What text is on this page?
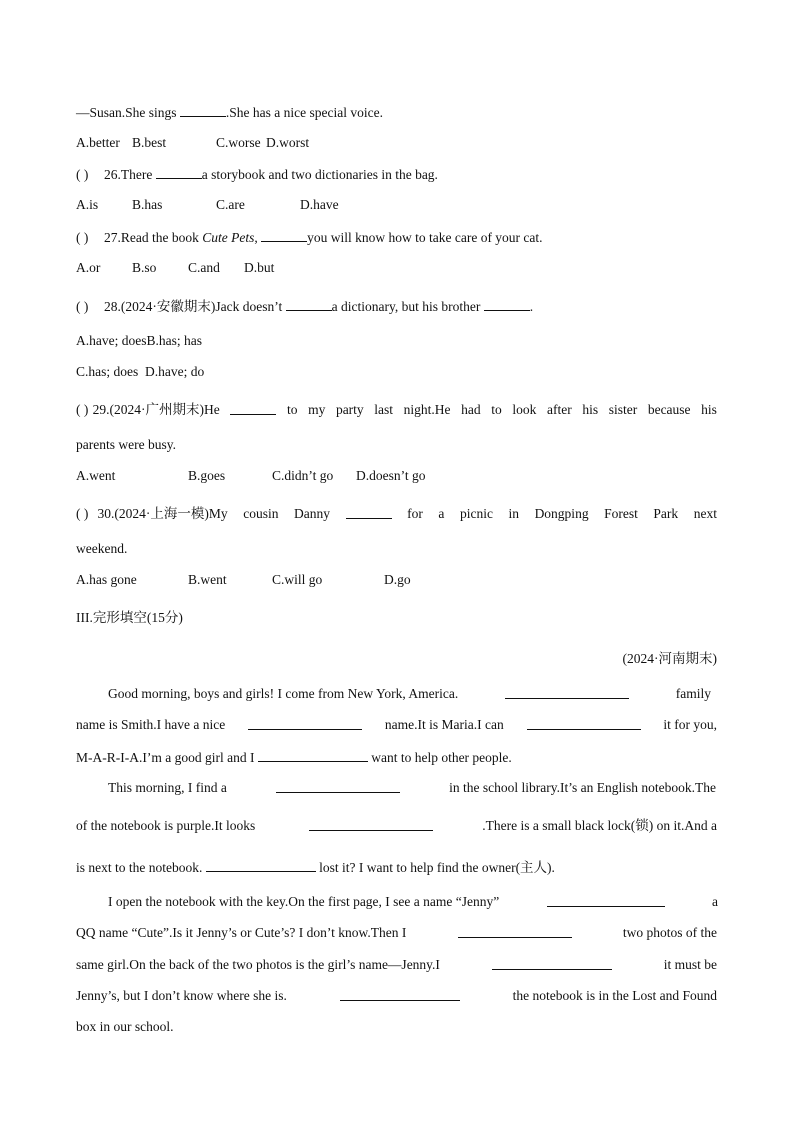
—Susan.She sings	.She has a nice special voice.
A.better B.best	C.worse D.worst
( ) 26.There	a storybook and two dictionaries in the bag.
A.is	B.has	C.are	D.have
( ) 27.Read the book Cute Pets,	you will know how to take care of your cat.
A.or B.so C.and D.but
( ) 28.(2024·安徽期末)Jack doesn’t	a dictionary, but his brother	.
A.have; doesB.has; has
C.has; does D.have; do
( ) 29.(2024·广州期末)He	to my party last night.He had to look after his sister because his
parents were busy.
A.went	B.goes	C.didn’t go D.doesn’t go
( ) 30.(2024·上海一模)My cousin Danny	for a picnic in Dongping Forest Park next
weekend.
A.has gone	B.went	C.will go	D.go
III.完形填空(15分)
(2024·河南期末)
Good morning, boys and girls! I come from New York, America.	family
name is Smith.I have a nice	name.It is Maria.I can	it for you,
M-A-R-I-A.I’m a good girl and I	want to help other people.
This morning, I find a	in the school library.It’s an English notebook.The
of the notebook is purple.It looks	.There is a small black lock(锁) on it.And a
is next to the notebook.	lost it? I want to help find the owner(主人).
I open the notebook with the key.On the first page, I see a name “Jenny”	a
QQ name “Cute”.Is it Jenny’s or Cute’s? I don’t know.Then I	two photos of the
same girl.On the back of the two photos is the girl’s name—Jenny.I	it must be
Jenny’s, but I don’t know where she is.	the notebook is in the Lost and Found
box in our school.
